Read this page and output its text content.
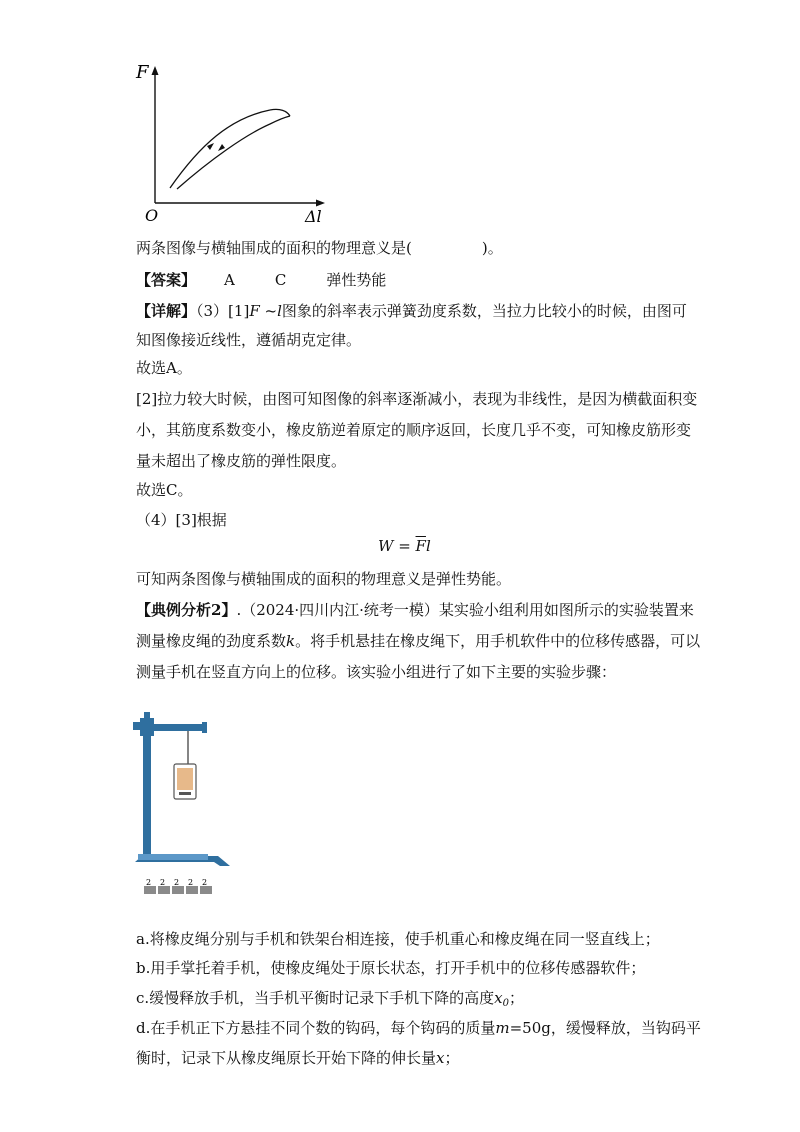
F
O	Δl
两条图像与横轴围成的面积的物理意义是(	)。
【答案】 A	C	弹性势能
【详解】（3）[1]F ~l图象的斜率表示弹簧劲度系数，当拉力比较小的时候，由图可
知图像接近线性，遵循胡克定律。
故选A。
[2]拉力较大时候，由图可知图像的斜率逐渐减小，表现为非线性，是因为横截面积变
小，其筋度系数变小，橡皮筋逆着原定的顺序返回，长度几乎不变，可知橡皮筋形变
量未超出了橡皮筋的弹性限度。
故选C。
（4）[3]根据
$W = \overline{F}l$
可知两条图像与横轴围成的面积的物理意义是弹性势能。
【典例分析2】.（2024·四川内江·统考一模）某实验小组利用如图所示的实验装置来
测量橡皮绳的劲度系数k。将手机悬挂在橡皮绳下，用手机软件中的位移传感器，可以
测量手机在竖直方向上的位移。该实验小组进行了如下主要的实验步骤：
2 2 2 2 2
a.将橡皮绳分别与手机和铁架台相连接，使手机重心和橡皮绳在同一竖直线上；
b.用手掌托着手机，使橡皮绳处于原长状态，打开手机中的位移传感器软件；
c.缓慢释放手机，当手机平衡时记录下手机下降的高度$x_0$；
d.在手机正下方悬挂不同个数的钩码，每个钩码的质量m=50g，缓慢释放，当钩码平
衡时，记录下从橡皮绳原长开始下降的伸长量x；
